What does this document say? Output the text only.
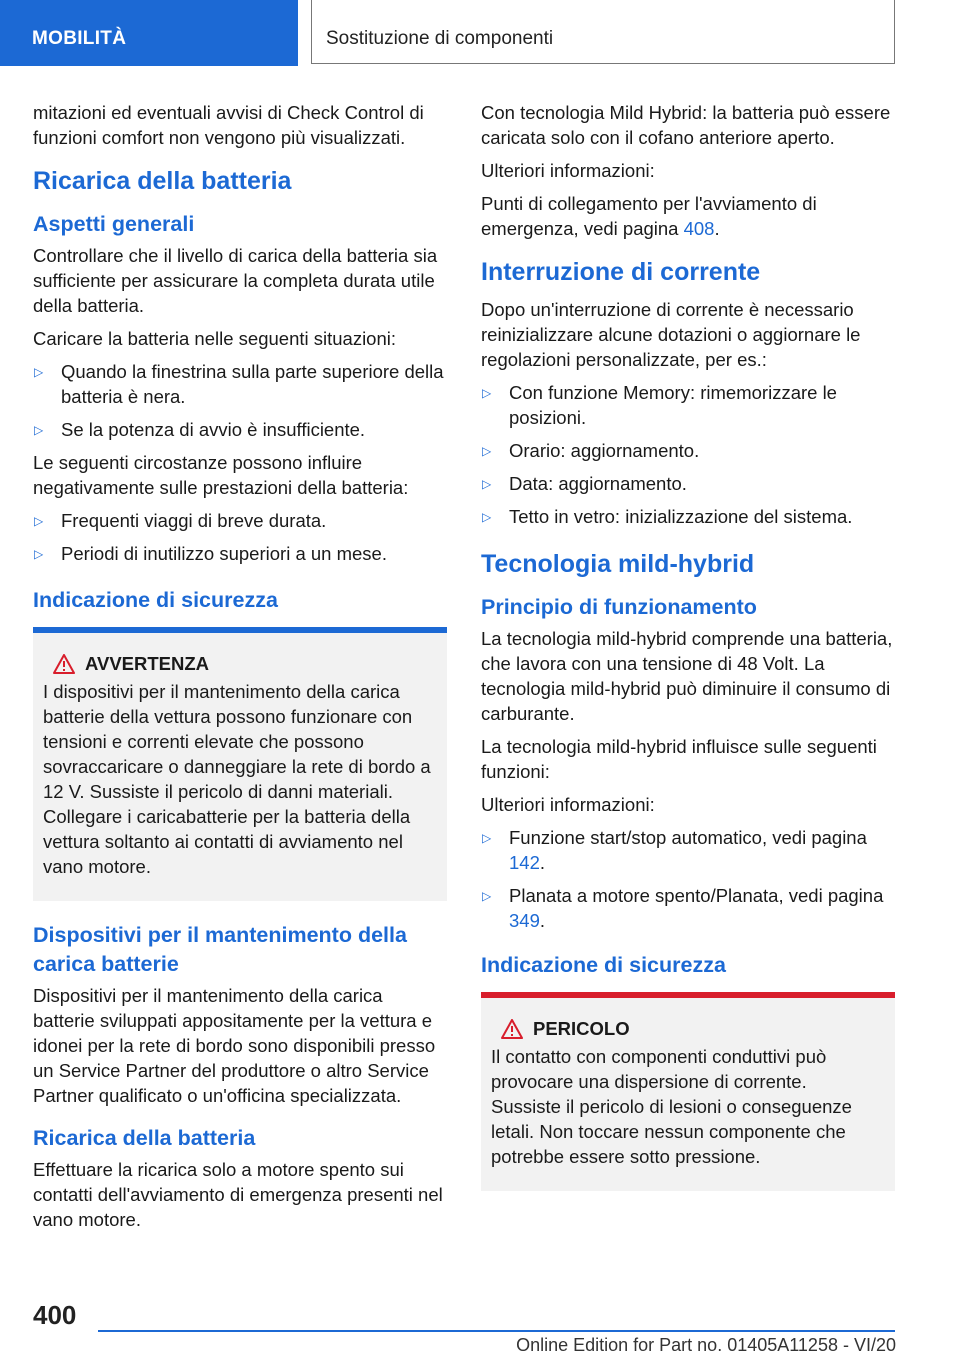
MOBILITÀ	Sostituzione di componenti

mitazioni ed eventuali avvisi di Check Control di funzioni comfort non vengono più visualizzati.

Ricarica della batteria
Aspetti generali

Controllare che il livello di carica della batteria sia sufficiente per assicurare la completa durata utile della batteria.

Caricare la batteria nelle seguenti situazioni:

▷ Quando la finestrina sulla parte superiore della batteria è nera.
▷ Se la potenza di avvio è insufficiente.

Le seguenti circostanze possono influire negativamente sulle prestazioni della batteria:

▷ Frequenti viaggi di breve durata.
▷ Periodi di inutilizzo superiori a un mese.
Indicazione di sicurezza
AVVERTENZA

I dispositivi per il mantenimento della carica batterie della vettura possono funzionare con tensioni e correnti elevate che possono sovraccaricare o danneggiare la rete di bordo a 12 V. Sussiste il pericolo di danni materiali. Collegare i caricabatterie per la batteria della vettura soltanto ai contatti di avviamento nel vano motore.

Dispositivi per il mantenimento della carica batterie

Dispositivi per il mantenimento della carica batterie sviluppati appositamente per la vettura e idonei per la rete di bordo sono disponibili presso un Service Partner del produttore o altro Service Partner qualificato o un'officina specializzata.

Ricarica della batteria

Effettuare la ricarica solo a motore spento sui contatti dell'avviamento di emergenza presenti nel vano motore.

Con tecnologia Mild Hybrid: la batteria può essere caricata solo con il cofano anteriore aperto.

Ulteriori informazioni:

Punti di collegamento per l'avviamento di emergenza, vedi pagina 408.

Interruzione di corrente

Dopo un'interruzione di corrente è necessario reinizializzare alcune dotazioni o aggiornare le regolazioni personalizzate, per es.:

▷ Con funzione Memory: rimemorizzare le posizioni.
▷ Orario: aggiornamento.
▷ Data: aggiornamento.
▷ Tetto in vetro: inizializzazione del sistema.
Tecnologia mild-hybrid
Principio di funzionamento

La tecnologia mild-hybrid comprende una batteria, che lavora con una tensione di 48 Volt. La tecnologia mild-hybrid può diminuire il consumo di carburante.

La tecnologia mild-hybrid influisce sulle seguenti funzioni:

Ulteriori informazioni:

▷ Funzione start/stop automatico, vedi pagina 142.
▷ Planata a motore spento/Planata, vedi pagina 349.
Indicazione di sicurezza
PERICOLO

Il contatto con componenti conduttivi può provocare una dispersione di corrente. Sussiste il pericolo di lesioni o conseguenze letali. Non toccare nessun componente che potrebbe essere sotto pressione.

400
Online Edition for Part no. 01405A11258 - VI/20
